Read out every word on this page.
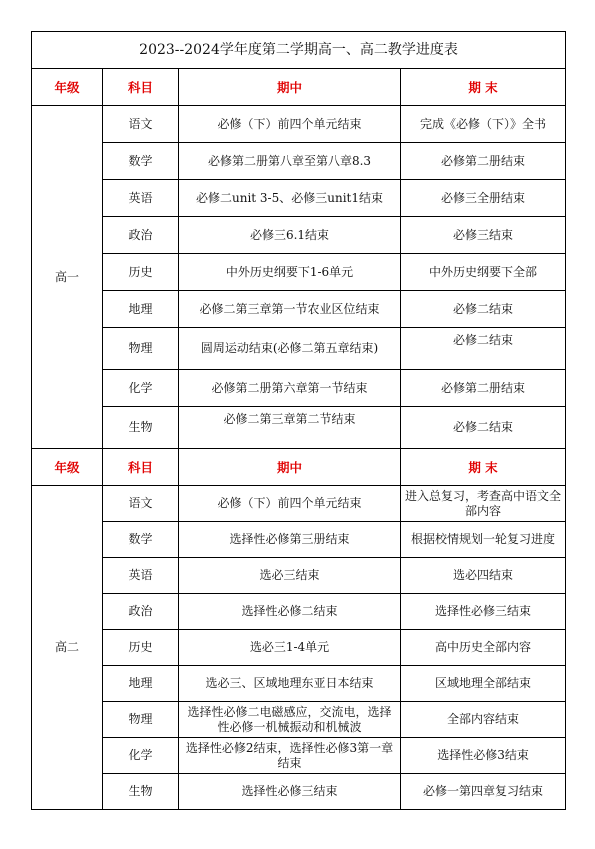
2023--2024学年度第二学期高一、高二教学进度表			
年级	科目	期中	期 末
高一	语文	必修（下）前四个单元结束	完成《必修（下）》全书
	数学	必修第二册第八章至第八章8.3	必修第二册结束
	英语	必修二unit 3-5、必修三unit1结束	必修三全册结束
	政治	必修三6.1结束	必修三结束
	历史	中外历史纲要下1-6单元	中外历史纲要下全部
	地理	必修二第三章第一节农业区位结束	必修二结束
	物理	圆周运动结束(必修二第五章结束)	必修二结束
	化学	必修第二册第六章第一节结束	必修第二册结束
	生物	必修二第三章第二节结束	必修二结束
年级	科目	期中	期 末
高二	语文	必修（下）前四个单元结束	进入总复习，考查高中语文全部内容
	数学	选择性必修第三册结束	根据校情规划一轮复习进度
	英语	选必三结束	选必四结束
	政治	选择性必修二结束	选择性必修三结束
	历史	选必三1-4单元	高中历史全部内容
	地理	选必三、区域地理东亚日本结束	区域地理全部结束
	物理	选择性必修二电磁感应，交流电，选择性必修一机械振动和机械波	全部内容结束
	化学	选择性必修2结束，选择性必修3第一章结束	选择性必修3结束
	生物	选择性必修三结束	必修一第四章复习结束
